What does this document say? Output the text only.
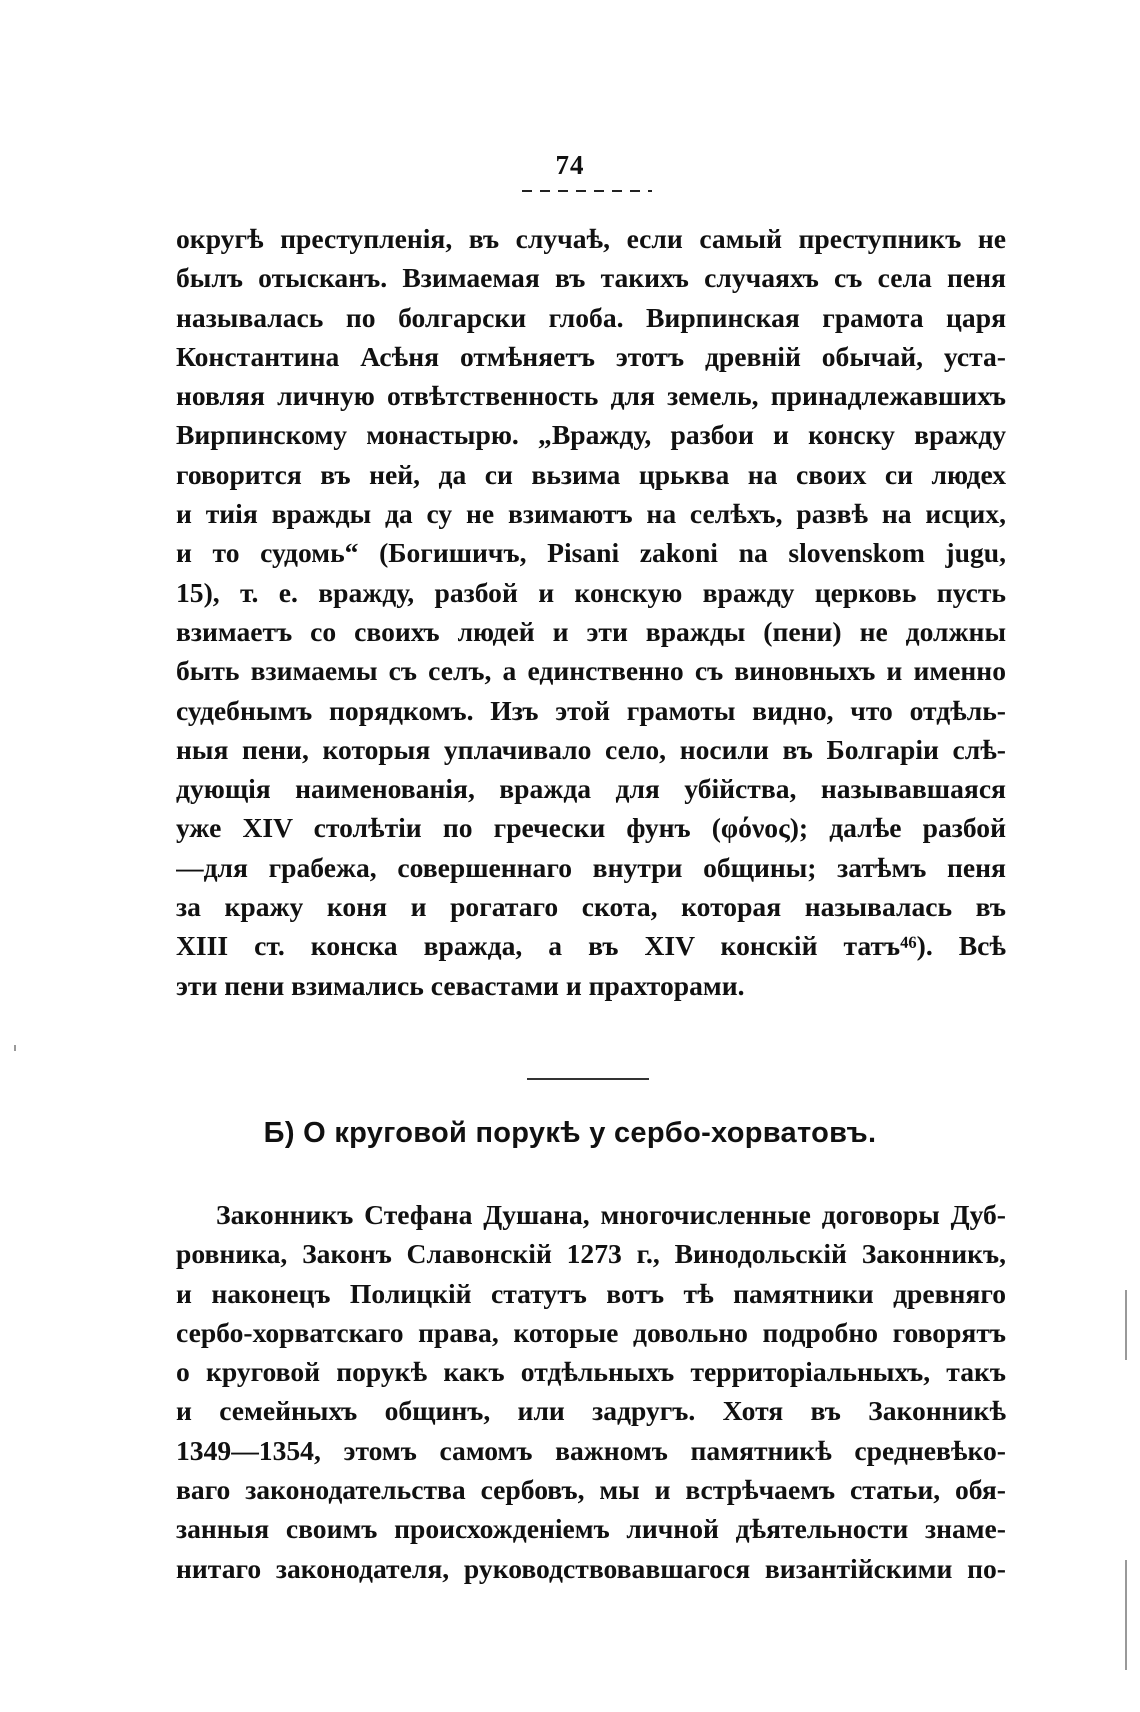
74
округѣ преступленія, въ случаѣ, если самый преступникъ не
былъ отысканъ. Взимаемая въ такихъ случаяхъ съ села пеня
называлась по болгарски глоба. Вирпинская грамота царя
Константина Асѣня отмѣняетъ этотъ древній обычай, уста-
новляя личную отвѣтственность для земель, принадлежавшихъ
Вирпинскому монастырю. „Вражду, разбои и конску вражду
говорится въ ней, да си вьзима црьква на своих си людех
и тиія вражды да су не взимаютъ на селѣхъ, развѣ на исцих,
и то судомь“ (Богишичъ, Pisani zakoni na slovenskom jugu,
15), т. е. вражду, разбой и конскую вражду церковь пусть
взимаетъ со своихъ людей и эти вражды (пени) не должны
быть взимаемы съ селъ, а единственно съ виновныхъ и именно
судебнымъ порядкомъ. Изъ этой грамоты видно, что отдѣль-
ныя пени, которыя уплачивало село, носили въ Болгаріи слѣ-
дующія наименованія, вражда для убійства, называвшаяся
уже XIV столѣтіи по гречески фунъ (φόνος); далѣе разбой
—для грабежа, совершеннаго внутри общины; затѣмъ пеня
за кражу коня и рогатаго скота, которая называлась въ
XIII ст. конска вражда, а въ XIV конскій татъ⁴⁶). Всѣ
эти пени взимались севастами и прахторами.
Б) О круговой порукѣ у сербо-хорватовъ.
Законникъ Стефана Душана, многочисленные договоры Дуб-
ровника, Законъ Славонскій 1273 г., Винодольскій Законникъ,
и наконецъ Полицкій статутъ вотъ тѣ памятники древняго
сербо-хорватскаго права, которые довольно подробно говорятъ
о круговой порукѣ какъ отдѣльныхъ территоріальныхъ, такъ
и семейныхъ общинъ, или задругъ. Хотя въ Законникѣ
1349—1354, этомъ самомъ важномъ памятникѣ средневѣко-
ваго законодательства сербовъ, мы и встрѣчаемъ статьи, обя-
занныя своимъ происхожденіемъ личной дѣятельности знаме-
нитаго законодателя, руководствовавшагося византійскими по-
